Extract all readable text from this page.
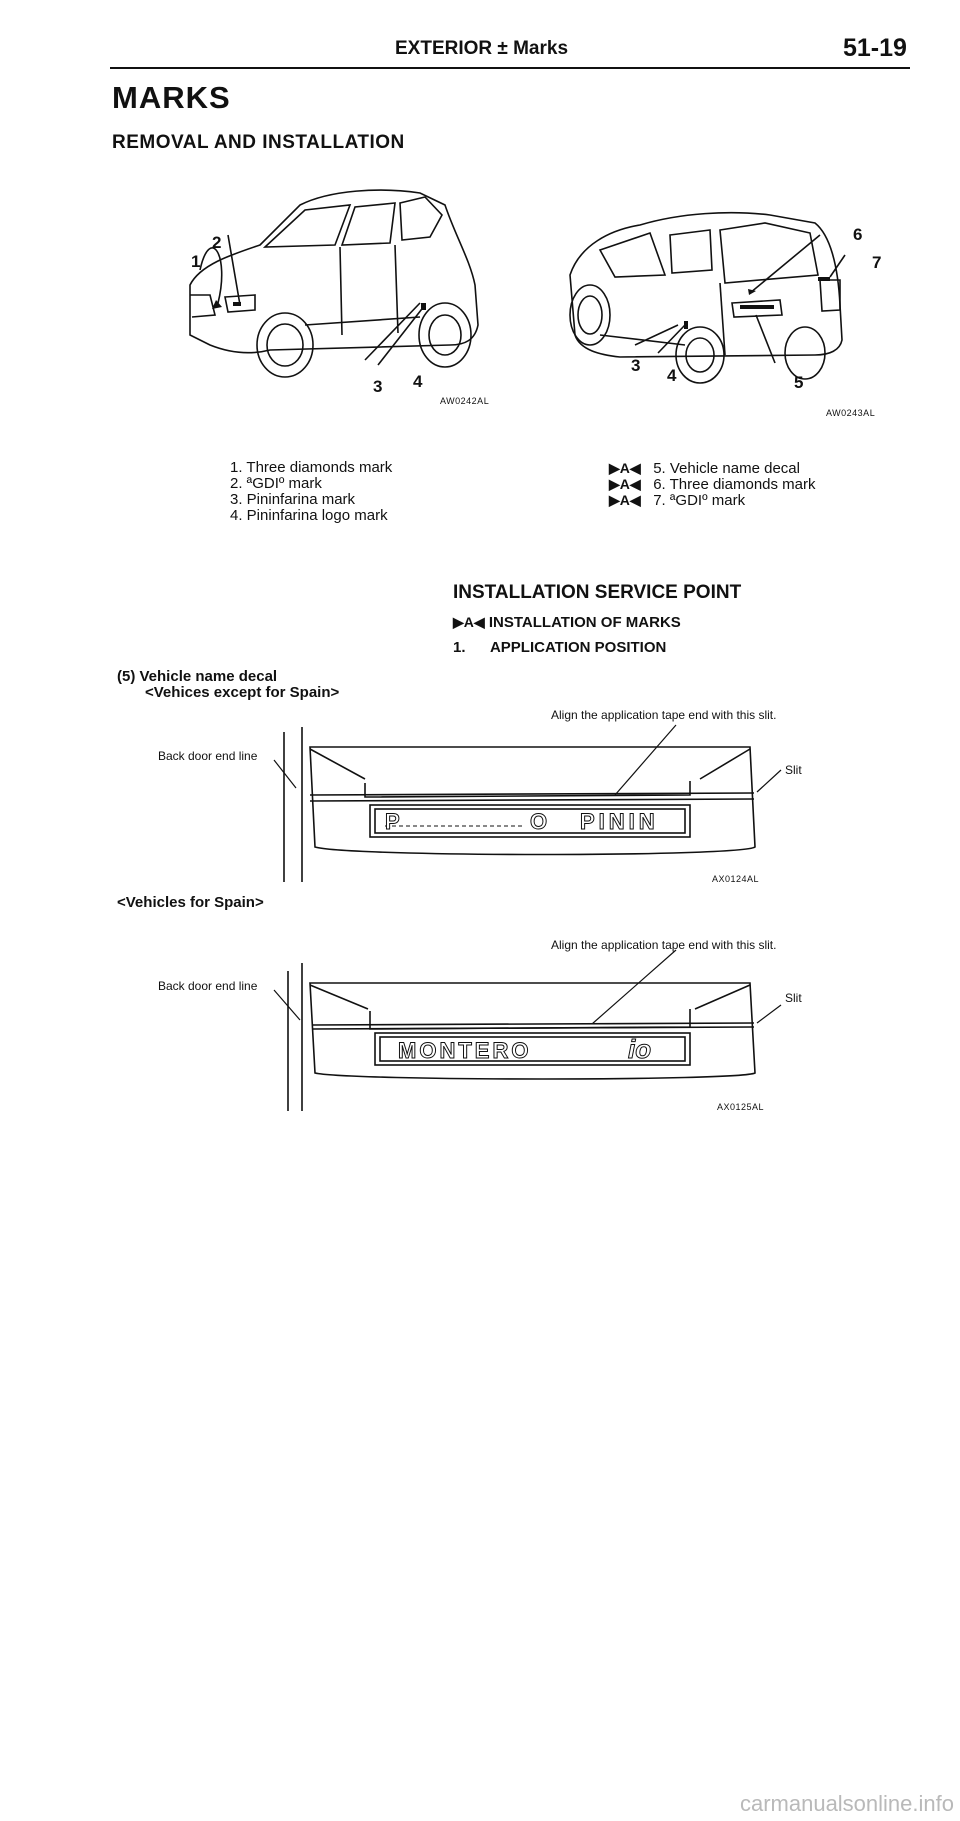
EXTERIOR ± Marks	51-19
MARKS
REMOVAL AND INSTALLATION
1
2
3 4
AW0242AL
6
7
3
4	5
AW0243AL
1. Three diamonds mark
2. ªGDIº mark
3. Pininfarina mark
4. Pininfarina logo mark
▶A◀ 5. Vehicle name decal
▶A◀ 6. Three diamonds mark
▶A◀ 7. ªGDIº mark
INSTALLATION SERVICE POINT
▶A◀ INSTALLATION OF MARKS
1.      APPLICATION POSITION
(5) Vehicle name decal
<Vehices except for Spain>
P	O PININ
Align the application tape end with this slit.
Back door end line
Slit
AX0124AL
<Vehicles for Spain>
MONTERO	io
Align the application tape end with this slit.
Back door end line
Slit
AX0125AL
carmanualsonline.info
